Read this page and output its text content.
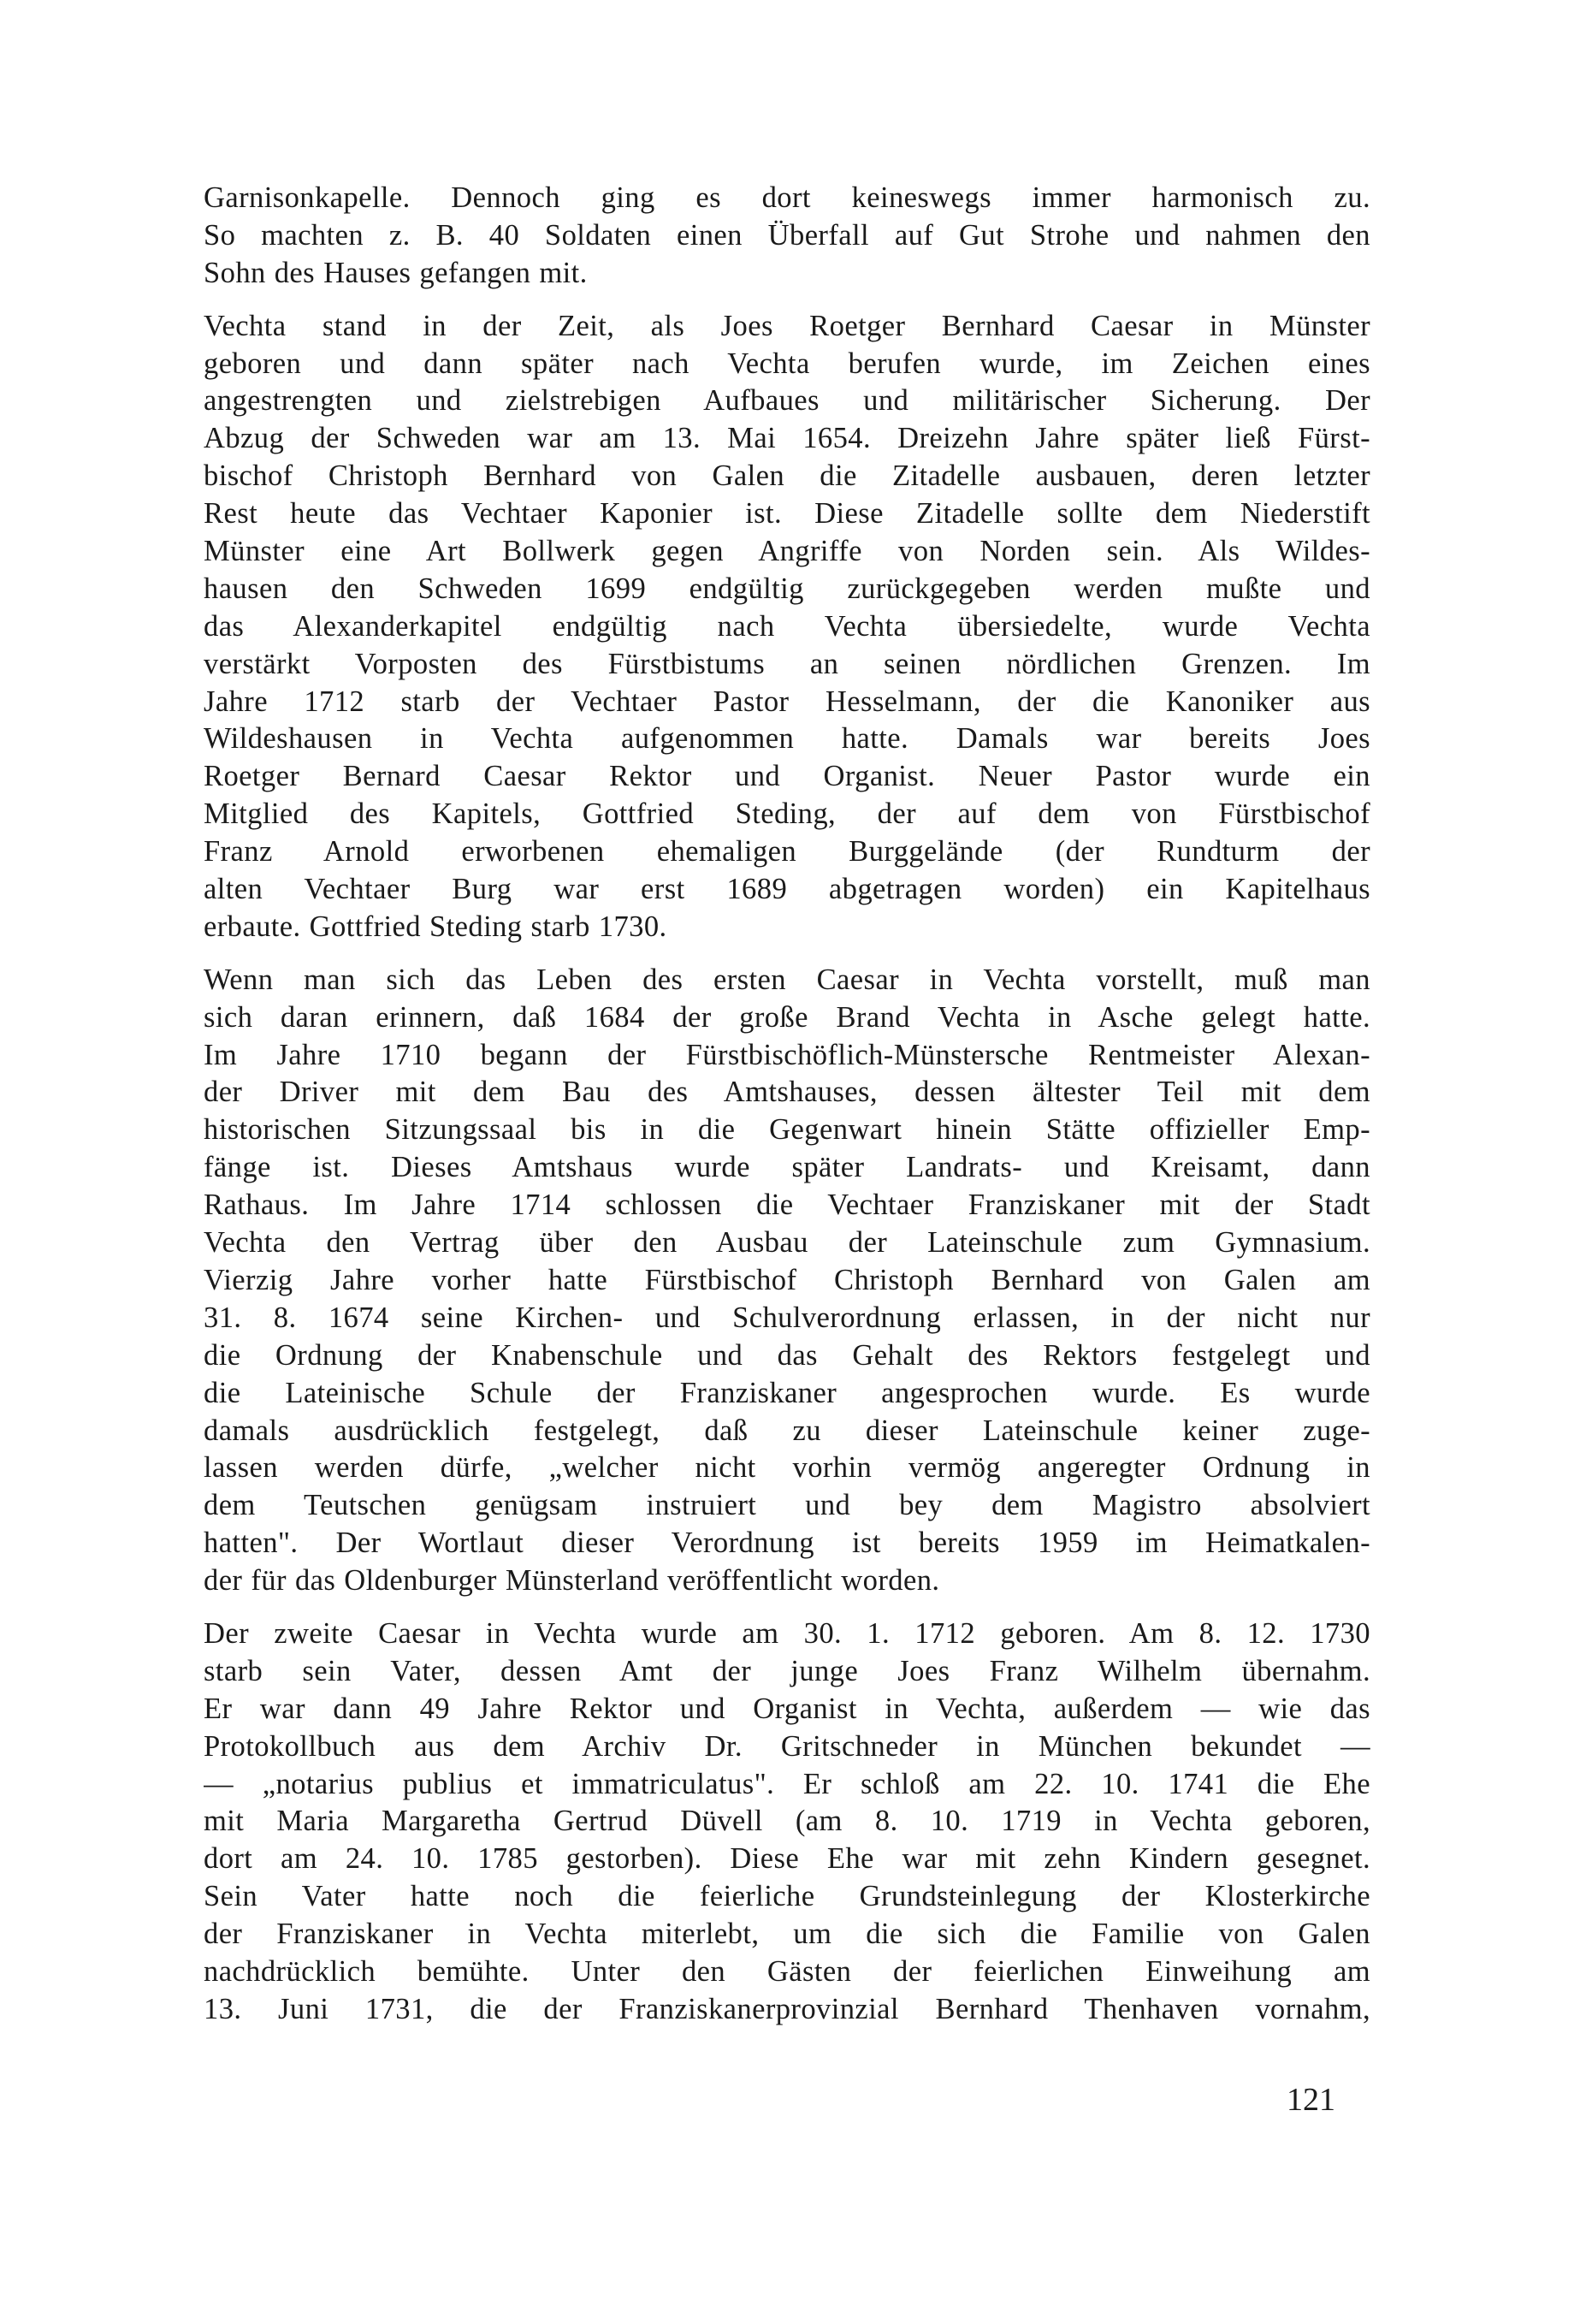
Garnisonkapelle. Dennoch ging es dort keineswegs immer harmonisch zu.
So machten z. B. 40 Soldaten einen Überfall auf Gut Strohe und nahmen den
Sohn des Hauses gefangen mit.

Vechta stand in der Zeit, als Joes Roetger Bernhard Caesar in Münster
geboren und dann später nach Vechta berufen wurde, im Zeichen eines
angestrengten und zielstrebigen Aufbaues und militärischer Sicherung. Der
Abzug der Schweden war am 13. Mai 1654. Dreizehn Jahre später ließ Fürst-
bischof Christoph Bernhard von Galen die Zitadelle ausbauen, deren letzter
Rest heute das Vechtaer Kaponier ist. Diese Zitadelle sollte dem Niederstift
Münster eine Art Bollwerk gegen Angriffe von Norden sein. Als Wildes-
hausen den Schweden 1699 endgültig zurückgegeben werden mußte und
das Alexanderkapitel endgültig nach Vechta übersiedelte, wurde Vechta
verstärkt Vorposten des Fürstbistums an seinen nördlichen Grenzen. Im
Jahre 1712 starb der Vechtaer Pastor Hesselmann, der die Kanoniker aus
Wildeshausen in Vechta aufgenommen hatte. Damals war bereits Joes
Roetger Bernard Caesar Rektor und Organist. Neuer Pastor wurde ein
Mitglied des Kapitels, Gottfried Steding, der auf dem von Fürstbischof
Franz Arnold erworbenen ehemaligen Burggelände (der Rundturm der
alten Vechtaer Burg war erst 1689 abgetragen worden) ein Kapitelhaus
erbaute. Gottfried Steding starb 1730.

Wenn man sich das Leben des ersten Caesar in Vechta vorstellt, muß man
sich daran erinnern, daß 1684 der große Brand Vechta in Asche gelegt hatte.
Im Jahre 1710 begann der Fürstbischöflich-Münstersche Rentmeister Alexan-
der Driver mit dem Bau des Amtshauses, dessen ältester Teil mit dem
historischen Sitzungssaal bis in die Gegenwart hinein Stätte offizieller Emp-
fänge ist. Dieses Amtshaus wurde später Landrats- und Kreisamt, dann
Rathaus. Im Jahre 1714 schlossen die Vechtaer Franziskaner mit der Stadt
Vechta den Vertrag über den Ausbau der Lateinschule zum Gymnasium.
Vierzig Jahre vorher hatte Fürstbischof Christoph Bernhard von Galen am
31. 8. 1674 seine Kirchen- und Schulverordnung erlassen, in der nicht nur
die Ordnung der Knabenschule und das Gehalt des Rektors festgelegt und
die Lateinische Schule der Franziskaner angesprochen wurde. Es wurde
damals ausdrücklich festgelegt, daß zu dieser Lateinschule keiner zuge-
lassen werden dürfe, „welcher nicht vorhin vermög angeregter Ordnung in
dem Teutschen genügsam instruiert und bey dem Magistro absolviert
hatten". Der Wortlaut dieser Verordnung ist bereits 1959 im Heimatkalen-
der für das Oldenburger Münsterland veröffentlicht worden.

Der zweite Caesar in Vechta wurde am 30. 1. 1712 geboren. Am 8. 12. 1730
starb sein Vater, dessen Amt der junge Joes Franz Wilhelm übernahm.
Er war dann 49 Jahre Rektor und Organist in Vechta, außerdem — wie das
Protokollbuch aus dem Archiv Dr. Gritschneder in München bekundet —
— „notarius publius et immatriculatus". Er schloß am 22. 10. 1741 die Ehe
mit Maria Margaretha Gertrud Düvell (am 8. 10. 1719 in Vechta geboren,
dort am 24. 10. 1785 gestorben). Diese Ehe war mit zehn Kindern gesegnet.
Sein Vater hatte noch die feierliche Grundsteinlegung der Klosterkirche
der Franziskaner in Vechta miterlebt, um die sich die Familie von Galen
nachdrücklich bemühte. Unter den Gästen der feierlichen Einweihung am
13. Juni 1731, die der Franziskanerprovinzial Bernhard Thenhaven vornahm,

121
